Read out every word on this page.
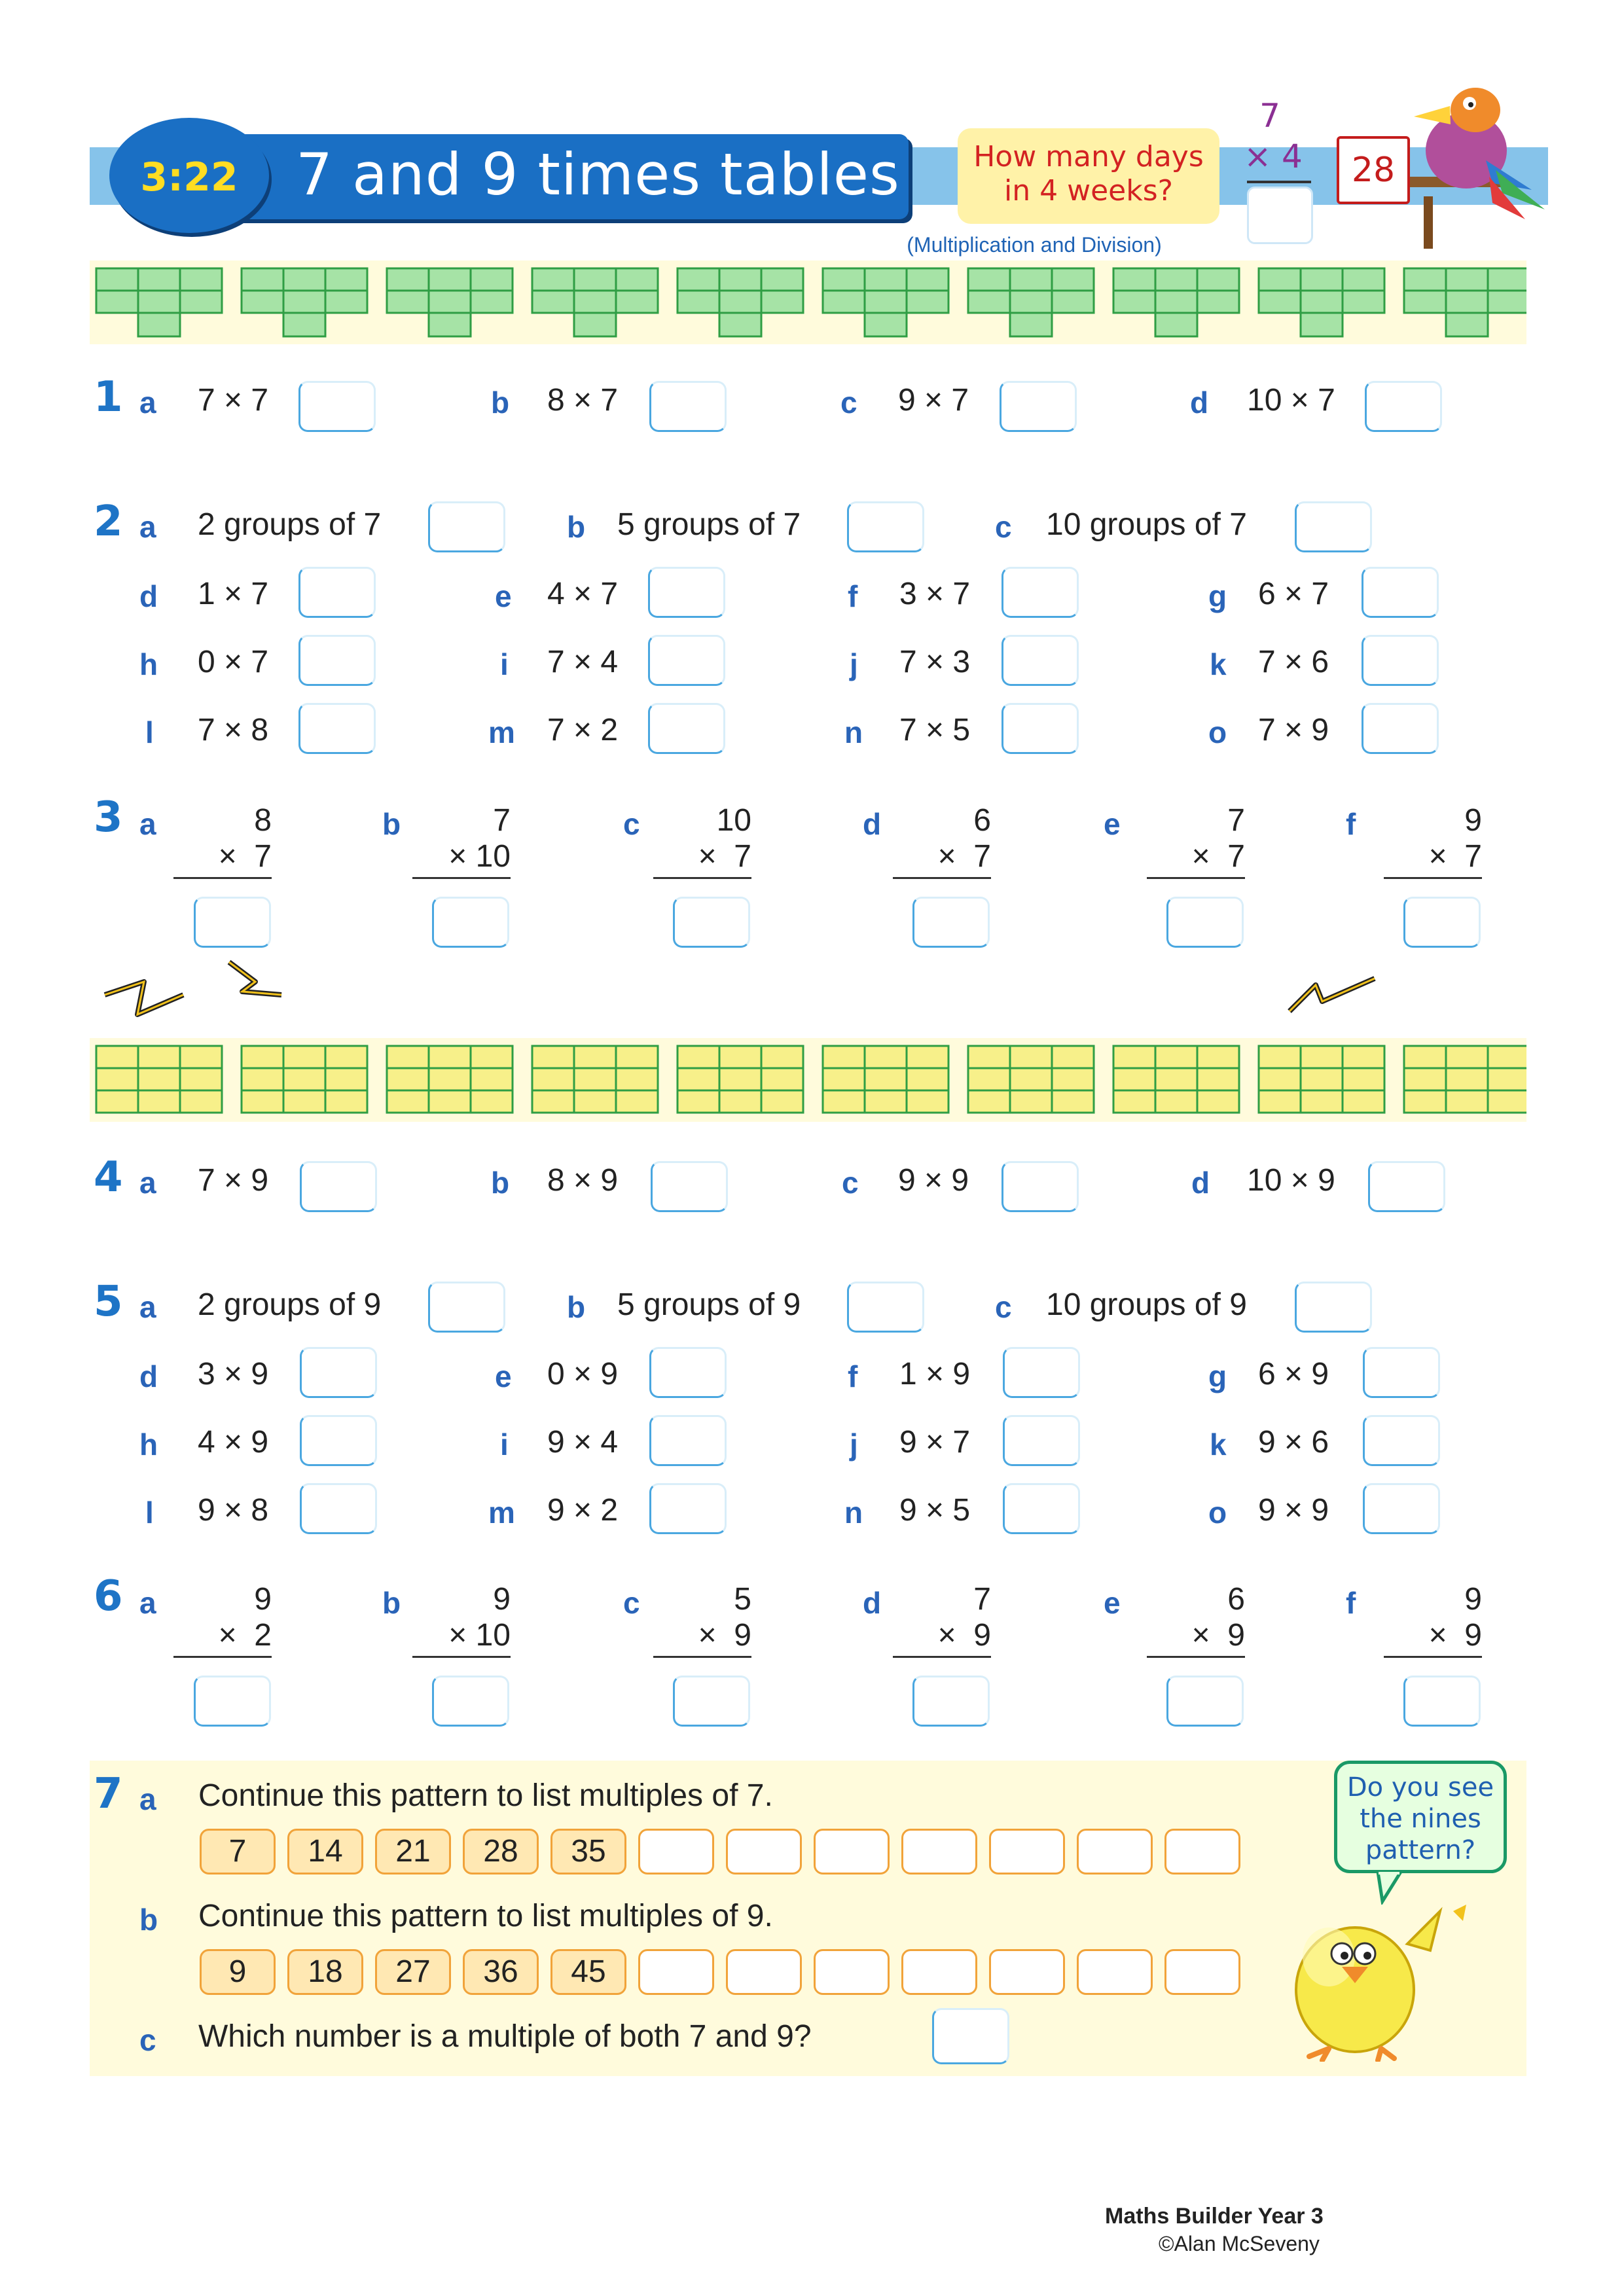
3:22	7 and 9 times tables	How many days
in 4 weeks?
(Multiplication and Division)
7
× 4	28
1 a 7 × 7	b 8 × 7	c 9 × 7	d 10 × 7
2 a 2 groups of 7	b 5 groups of 7	c 10 groups of 7
d 1 × 7	e 4 × 7	f 3 × 7	g 6 × 7
h 0 × 7	i 7 × 4	j 7 × 3	k 7 × 6
l 7 × 8	m 7 × 2	n 7 × 5	o 7 × 9
3 a	8
×  7
b	7
× 10
c	10
×  7
d	6
×  7
e	7
×  7
f	9
×  7
4 a 7 × 9	b 8 × 9	c 9 × 9	d 10 × 9
5 a 2 groups of 9	b 5 groups of 9	c 10 groups of 9
d 3 × 9	e 0 × 9	f 1 × 9	g 6 × 9
h 4 × 9	i 9 × 4	j 9 × 7	k 9 × 6
l 9 × 8	m 9 × 2	n 9 × 5	o 9 × 9
6 a	9
×  2
b	9
× 10
c	5
×  9
d	7
×  9
e	6
×  9
f	9
×  9
7 a Continue this pattern to list multiples of 7.
7	14	21	28	35
b Continue this pattern to list multiples of 9.
9	18	27	36	45
c Which number is a multiple of both 7 and 9?
Do you see
the nines
pattern?
Maths Builder Year 3
©Alan McSeveny
